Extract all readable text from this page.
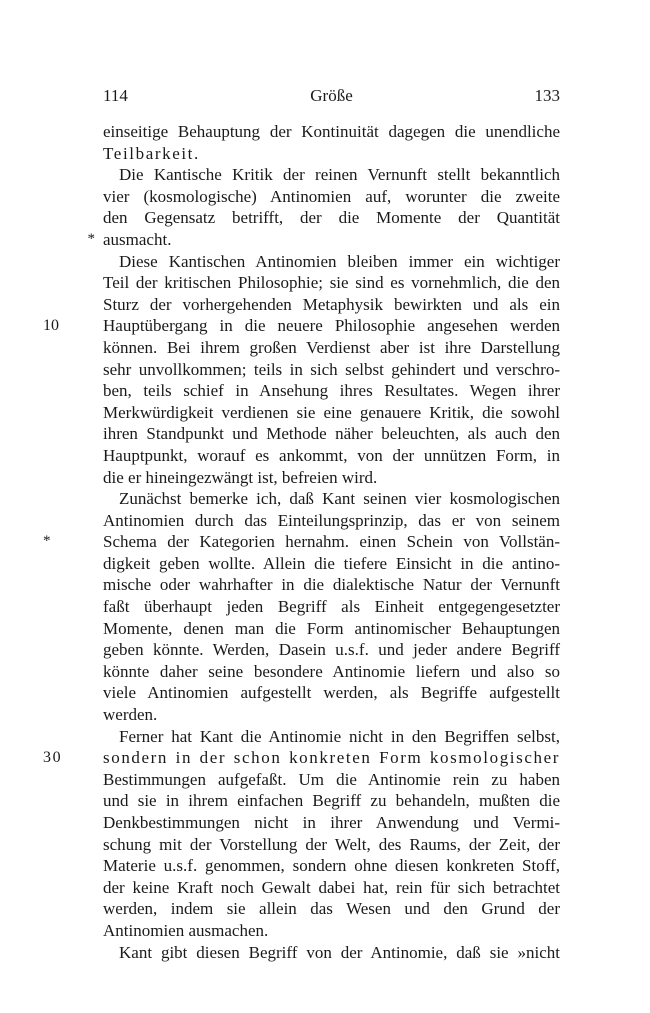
114	Größe	133
einseitige Behauptung der Kontinuität dagegen die unendliche
Teilbarkeit.
Die Kantische Kritik der reinen Vernunft stellt bekanntlich
vier (kosmologische) Antinomien auf, worunter die zweite
den Gegensatz betrifft, der die Momente der Quantität
* ausmacht.
Diese Kantischen Antinomien bleiben immer ein wichtiger
Teil der kritischen Philosophie; sie sind es vornehmlich, die den
Sturz der vorhergehenden Metaphysik bewirkten und als ein
10	Hauptübergang in die neuere Philosophie angesehen werden
können. Bei ihrem großen Verdienst aber ist ihre Darstellung
sehr unvollkommen; teils in sich selbst gehindert und verschro-
ben, teils schief in Ansehung ihres Resultates. Wegen ihrer
Merkwürdigkeit verdienen sie eine genauere Kritik, die sowohl
ihren Standpunkt und Methode näher beleuchten, als auch den
Hauptpunkt, worauf es ankommt, von der unnützen Form, in
die er hineingezwängt ist, befreien wird.
Zunächst bemerke ich, daß Kant seinen vier kosmologischen
Antinomien durch das Einteilungsprinzip, das er von seinem
*	Schema der Kategorien hernahm. einen Schein von Vollstän-
digkeit geben wollte. Allein die tiefere Einsicht in die antino-
mische oder wahrhafter in die dialektische Natur der Vernunft
faßt überhaupt jeden Begriff als Einheit entgegengesetzter
Momente, denen man die Form antinomischer Behauptungen
geben könnte. Werden, Dasein u.s.f. und jeder andere Begriff
könnte daher seine besondere Antinomie liefern und also so
viele Antinomien aufgestellt werden, als Begriffe aufgestellt
werden.
Ferner hat Kant die Antinomie nicht in den Begriffen selbst,
30	sondern in der schon konkreten Form kosmologischer
Bestimmungen aufgefaßt. Um die Antinomie rein zu haben
und sie in ihrem einfachen Begriff zu behandeln, mußten die
Denkbestimmungen nicht in ihrer Anwendung und Vermi-
schung mit der Vorstellung der Welt, des Raums, der Zeit, der
Materie u.s.f. genommen, sondern ohne diesen konkreten Stoff,
der keine Kraft noch Gewalt dabei hat, rein für sich betrachtet
werden, indem sie allein das Wesen und den Grund der
Antinomien ausmachen.
Kant gibt diesen Begriff von der Antinomie, daß sie »nicht
